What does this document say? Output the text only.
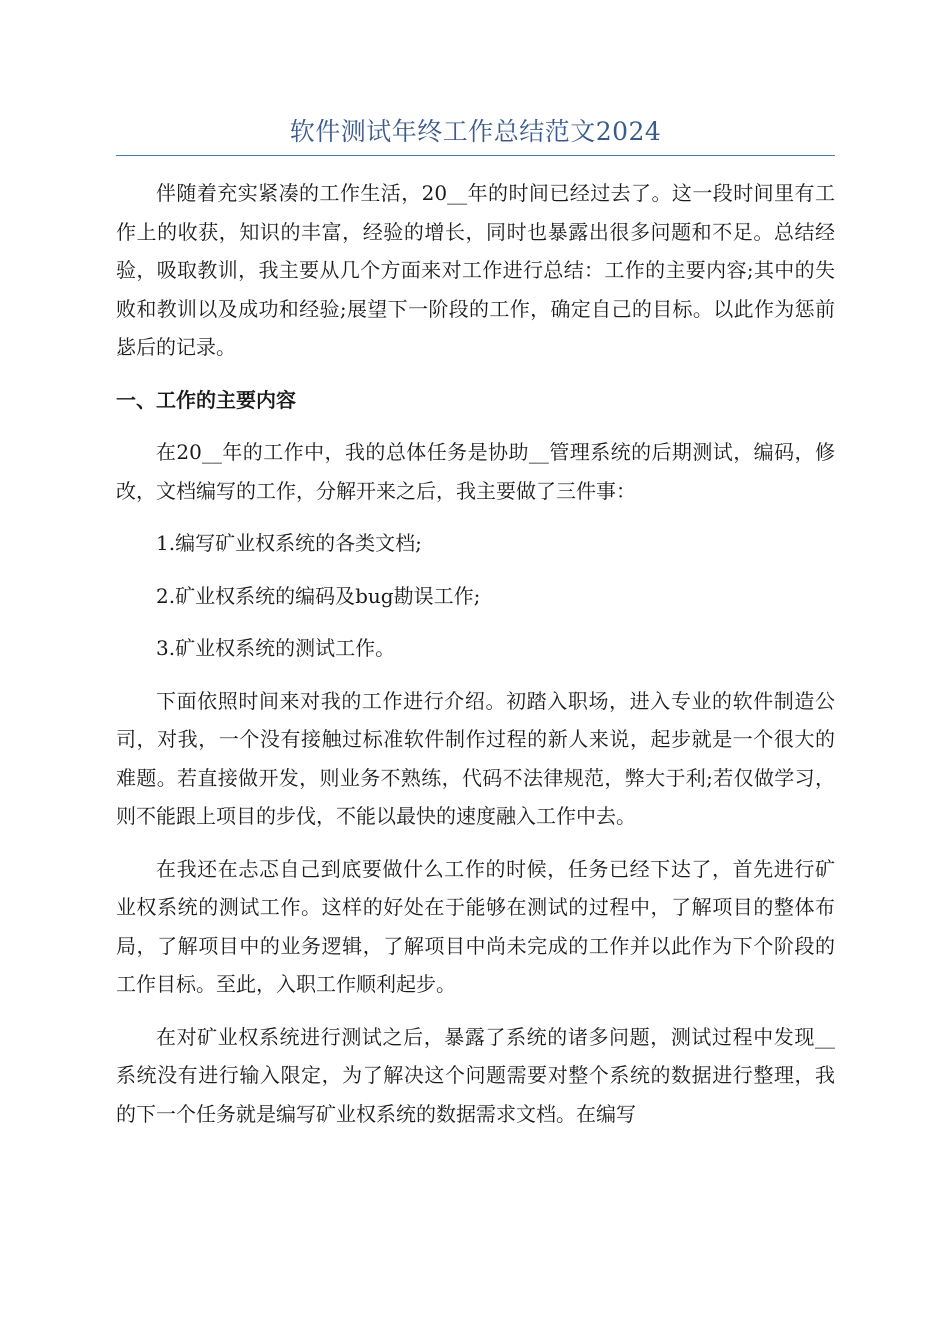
软件测试年终工作总结范文2024

伴随着充实紧凑的工作生活，20__年的时间已经过去了。这一段时间里有工作上的收获，知识的丰富，经验的增长，同时也暴露出很多问题和不足。总结经验，吸取教训，我主要从几个方面来对工作进行总结：工作的主要内容;其中的失败和教训以及成功和经验;展望下一阶段的工作，确定自己的目标。以此作为惩前毖后的记录。

一、工作的主要内容

在20__年的工作中，我的总体任务是协助__管理系统的后期测试，编码，修改，文档编写的工作，分解开来之后，我主要做了三件事：

1.编写矿业权系统的各类文档;

2.矿业权系统的编码及bug勘误工作;

3.矿业权系统的测试工作。

下面依照时间来对我的工作进行介绍。初踏入职场，进入专业的软件制造公司，对我，一个没有接触过标准软件制作过程的新人来说，起步就是一个很大的难题。若直接做开发，则业务不熟练，代码不法律规范，弊大于利;若仅做学习，则不能跟上项目的步伐，不能以最快的速度融入工作中去。

在我还在忐忑自己到底要做什么工作的时候，任务已经下达了，首先进行矿业权系统的测试工作。这样的好处在于能够在测试的过程中，了解项目的整体布局，了解项目中的业务逻辑，了解项目中尚未完成的工作并以此作为下个阶段的工作目标。至此，入职工作顺利起步。

在对矿业权系统进行测试之后，暴露了系统的诸多问题，测试过程中发现__系统没有进行输入限定，为了解决这个问题需要对整个系统的数据进行整理，我的下一个任务就是编写矿业权系统的数据需求文档。在编写
